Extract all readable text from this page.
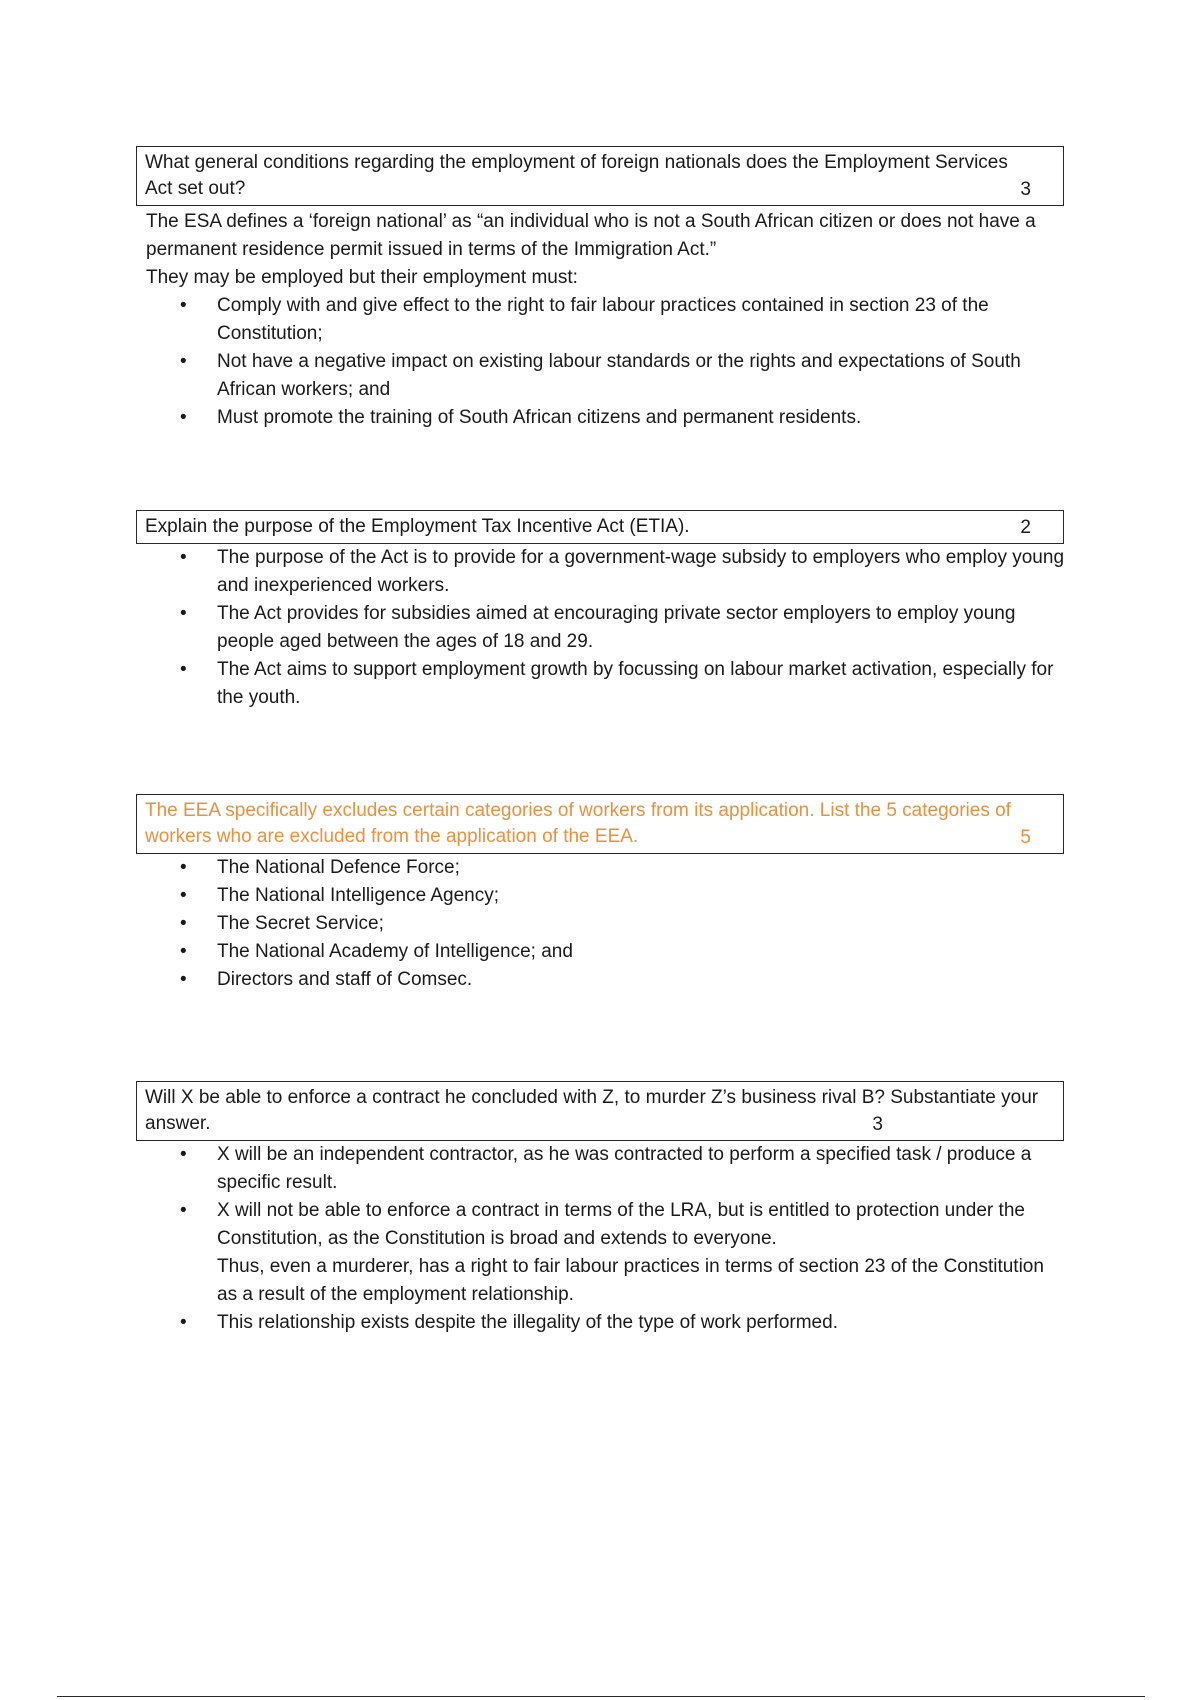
What general conditions regarding the employment of foreign nationals does the Employment Services Act set out?	3

The ESA defines a ‘foreign national’ as “an individual who is not a South African citizen or does not have a permanent residence permit issued in terms of the Immigration Act.”

They may be employed but their employment must:

• Comply with and give effect to the right to fair labour practices contained in section 23 of the Constitution;
• Not have a negative impact on existing labour standards or the rights and expectations of South African workers; and
• Must promote the training of South African citizens and permanent residents.
Explain the purpose of the Employment Tax Incentive Act (ETIA).	2
• The purpose of the Act is to provide for a government-wage subsidy to employers who employ young and inexperienced workers.
• The Act provides for subsidies aimed at encouraging private sector employers to employ young people aged between the ages of 18 and 29.
• The Act aims to support employment growth by focussing on labour market activation, especially for the youth.
The EEA specifically excludes certain categories of workers from its application. List the 5 categories of workers who are excluded from the application of the EEA.	5
• The National Defence Force;
• The National Intelligence Agency;
• The Secret Service;
• The National Academy of Intelligence; and
• Directors and staff of Comsec.
Will X be able to enforce a contract he concluded with Z, to murder Z’s business rival B? Substantiate your answer.	3
• X will be an independent contractor, as he was contracted to perform a specified task / produce a specific result.
• X will not be able to enforce a contract in terms of the LRA, but is entitled to protection under the Constitution, as the Constitution is broad and extends to everyone.
Thus, even a murderer, has a right to fair labour practices in terms of section 23 of the Constitution as a result of the employment relationship.
• This relationship exists despite the illegality of the type of work performed.
